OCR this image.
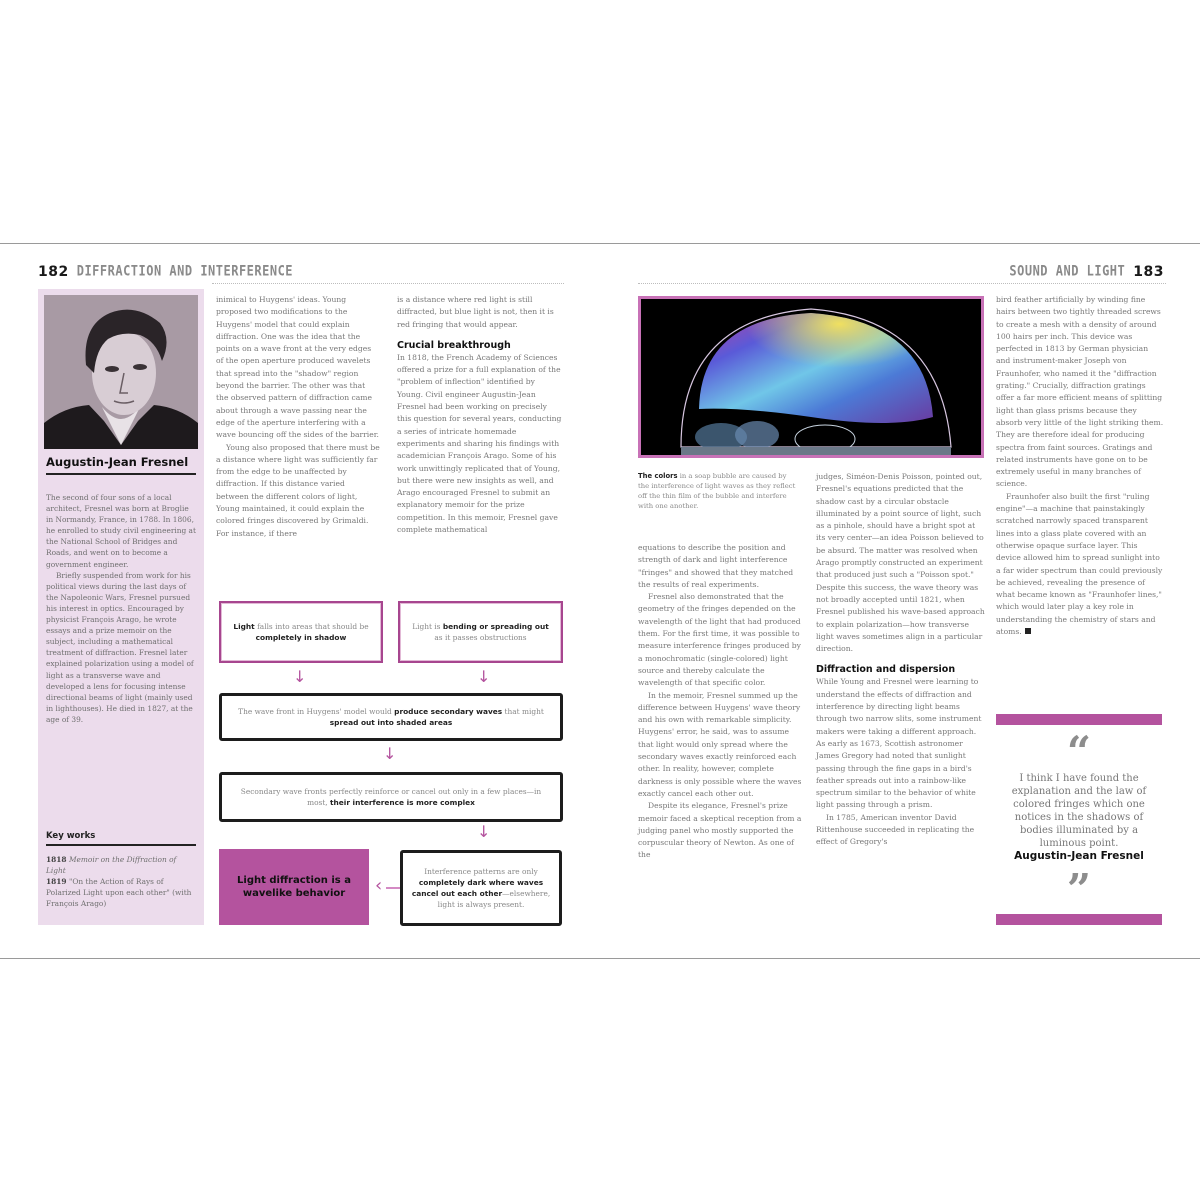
182 DIFFRACTION AND INTERFERENCE
Augustin-Jean Fresnel

The second of four sons of a local architect, Fresnel was born at Broglie in Normandy, France, in 1788. In 1806, he enrolled to study civil engineering at the National School of Bridges and Roads, and went on to become a government engineer.

Briefly suspended from work for his political views during the last days of the Napoleonic Wars, Fresnel pursued his interest in optics. Encouraged by physicist François Arago, he wrote essays and a prize memoir on the subject, including a mathematical treatment of diffraction. Fresnel later explained polarization using a model of light as a transverse wave and developed a lens for focusing intense directional beams of light (mainly used in lighthouses). He died in 1827, at the age of 39.

Key works
1818 Memoir on the Diffraction of Light
1819 "On the Action of Rays of Polarized Light upon each other" (with François Arago)

inimical to Huygens' ideas. Young proposed two modifications to the Huygens' model that could explain diffraction. One was the idea that the points on a wave front at the very edges of the open aperture produced wavelets that spread into the "shadow" region beyond the barrier. The other was that the observed pattern of diffraction came about through a wave passing near the edge of the aperture interfering with a wave bouncing off the sides of the barrier.

Young also proposed that there must be a distance where light was sufficiently far from the edge to be unaffected by diffraction. If this distance varied between the different colors of light, Young maintained, it could explain the colored fringes discovered by Grimaldi. For instance, if there

is a distance where red light is still diffracted, but blue light is not, then it is red fringing that would appear.

Crucial breakthrough

In 1818, the French Academy of Sciences offered a prize for a full explanation of the "problem of inflection" identified by Young. Civil engineer Augustin-Jean Fresnel had been working on precisely this question for several years, conducting a series of intricate homemade experiments and sharing his findings with academician François Arago. Some of his work unwittingly replicated that of Young, but there were new insights as well, and Arago encouraged Fresnel to submit an explanatory memoir for the prize competition. In this memoir, Fresnel gave complete mathematical

Light falls into areas that should be completely in shadow
Light is bending or spreading out as it passes obstructions
↓	↓
The wave front in Huygens' model would produce secondary waves that might spread out into shaded areas
↓
Secondary wave fronts perfectly reinforce or cancel out only in a few places—in most, their interference is more complex
↓
Light diffraction is a wavelike behavior	‹
Interference patterns are only completely dark where waves cancel out each other—elsewhere, light is always present.
SOUND AND LIGHT 183
The colors in a soap bubble are caused by the interference of light waves as they reflect off the thin film of the bubble and interfere with one another.

equations to describe the position and strength of dark and light interference "fringes" and showed that they matched the results of real experiments.

Fresnel also demonstrated that the geometry of the fringes depended on the wavelength of the light that had produced them. For the first time, it was possible to measure interference fringes produced by a monochromatic (single-colored) light source and thereby calculate the wavelength of that specific color.

In the memoir, Fresnel summed up the difference between Huygens' wave theory and his own with remarkable simplicity. Huygens' error, he said, was to assume that light would only spread where the secondary waves exactly reinforced each other. In reality, however, complete darkness is only possible where the waves exactly cancel each other out.

Despite its elegance, Fresnel's prize memoir faced a skeptical reception from a judging panel who mostly supported the corpuscular theory of Newton. As one of the

judges, Siméon-Denis Poisson, pointed out, Fresnel's equations predicted that the shadow cast by a circular obstacle illuminated by a point source of light, such as a pinhole, should have a bright spot at its very center—an idea Poisson believed to be absurd. The matter was resolved when Arago promptly constructed an experiment that produced just such a "Poisson spot." Despite this success, the wave theory was not broadly accepted until 1821, when Fresnel published his wave-based approach to explain polarization—how transverse light waves sometimes align in a particular direction.

Diffraction and dispersion

While Young and Fresnel were learning to understand the effects of diffraction and interference by directing light beams through two narrow slits, some instrument makers were taking a different approach. As early as 1673, Scottish astronomer James Gregory had noted that sunlight passing through the fine gaps in a bird's feather spreads out into a rainbow-like spectrum similar to the behavior of white light passing through a prism.

In 1785, American inventor David Rittenhouse succeeded in replicating the effect of Gregory's

bird feather artificially by winding fine hairs between two tightly threaded screws to create a mesh with a density of around 100 hairs per inch. This device was perfected in 1813 by German physician and instrument-maker Joseph von Fraunhofer, who named it the "diffraction grating." Crucially, diffraction gratings offer a far more efficient means of splitting light than glass prisms because they absorb very little of the light striking them. They are therefore ideal for producing spectra from faint sources. Gratings and related instruments have gone on to be extremely useful in many branches of science.

Fraunhofer also built the first "ruling engine"—a machine that painstakingly scratched narrowly spaced transparent lines into a glass plate covered with an otherwise opaque surface layer. This device allowed him to spread sunlight into a far wider spectrum than could previously be achieved, revealing the presence of what became known as "Fraunhofer lines," which would later play a key role in understanding the chemistry of stars and atoms.

“
I think I have found the explanation and the law of colored fringes which one notices in the shadows of bodies illuminated by a luminous point.
Augustin-Jean Fresnel
”
